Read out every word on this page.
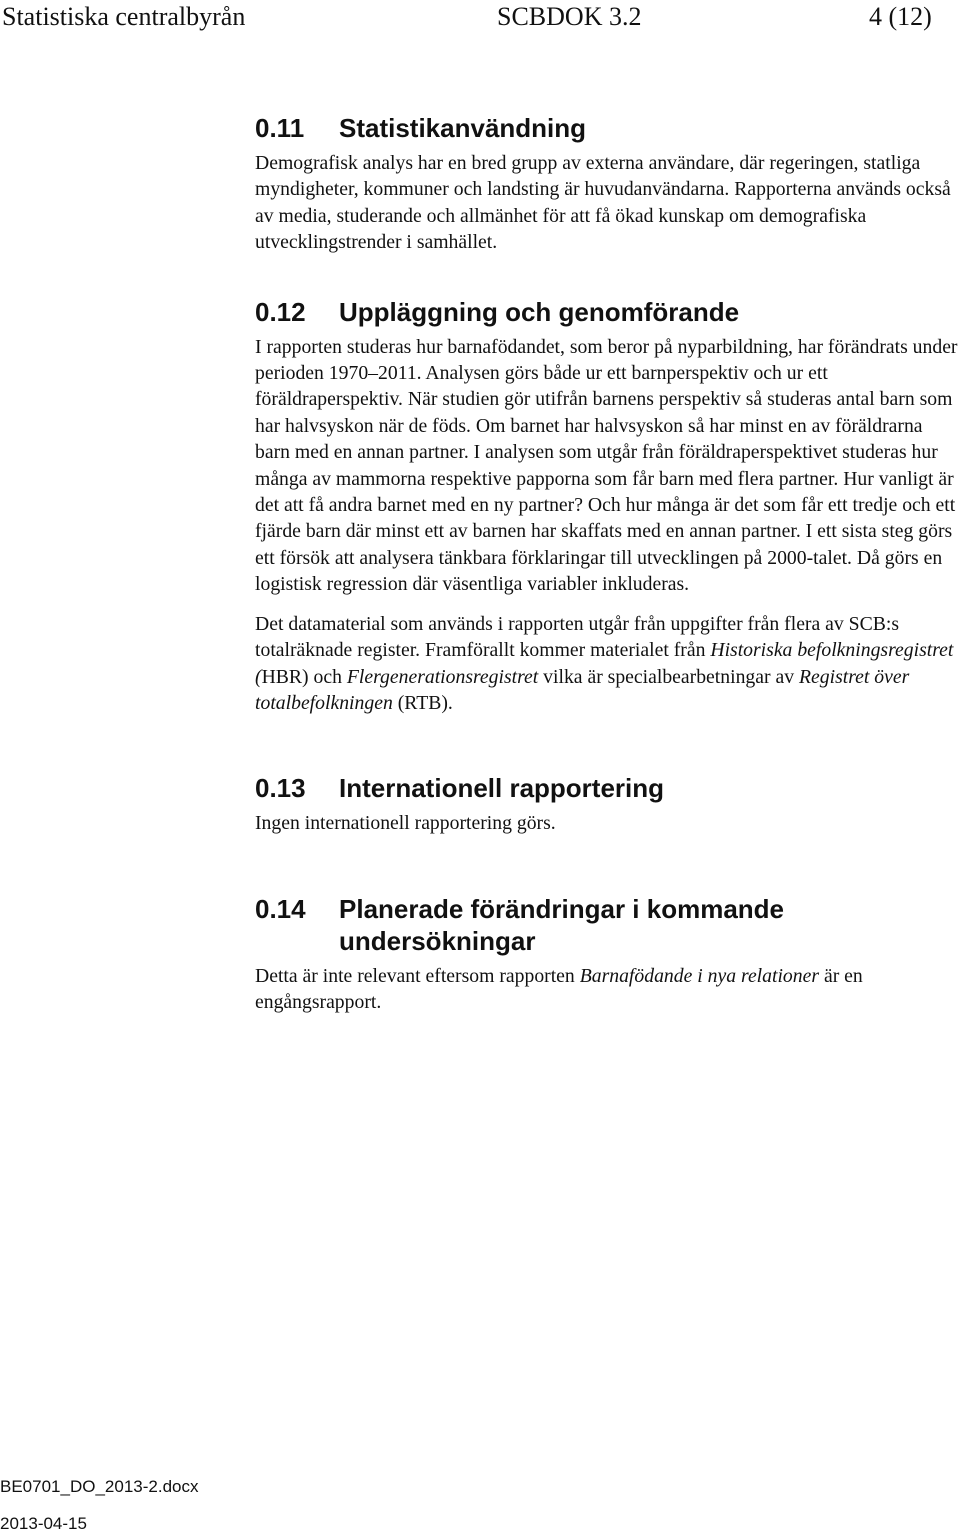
Statistiska centralbyrån	SCBDOK 3.2	4 (12)
0.11	Statistikanvändning

Demografisk analys har en bred grupp av externa användare, där regeringen, statliga myndigheter, kommuner och landsting är huvudanvändarna. Rapporterna används också av media, studerande och allmänhet för att få ökad kunskap om demografiska utvecklingstrender i samhället.

0.12	Uppläggning och genomförande

I rapporten studeras hur barnafödandet, som beror på nyparbildning, har förändrats under perioden 1970–2011. Analysen görs både ur ett barnperspektiv och ur ett föräldraperspektiv. När studien gör utifrån barnens perspektiv så studeras antal barn som har halvsyskon när de föds. Om barnet har halvsyskon så har minst en av föräldrarna barn med en annan partner. I analysen som utgår från föräldraperspektivet studeras hur många av mammorna respektive papporna som får barn med flera partner. Hur vanligt är det att få andra barnet med en ny partner? Och hur många är det som får ett tredje och ett fjärde barn där minst ett av barnen har skaffats med en annan partner. I ett sista steg görs ett försök att analysera tänkbara förklaringar till utvecklingen på 2000-talet. Då görs en logistisk regression där väsentliga variabler inkluderas.

Det datamaterial som används i rapporten utgår från uppgifter från flera av SCB:s totalräknade register. Framförallt kommer materialet från Historiska befolkningsregistret (HBR) och Flergenerationsregistret vilka är specialbearbetningar av Registret över totalbefolkningen (RTB).

0.13	Internationell rapportering

Ingen internationell rapportering görs.

0.14	Planerade förändringar i kommande undersökningar

Detta är inte relevant eftersom rapporten Barnafödande i nya relationer är en engångsrapport.

BE0701_DO_2013-2.docx
2013-04-15
